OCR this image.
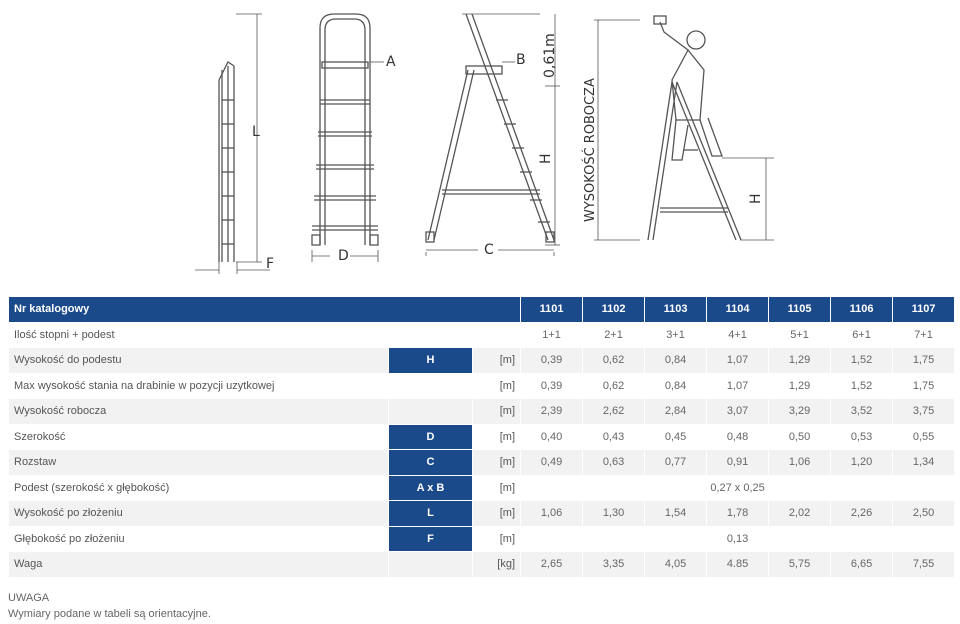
L
F
A
D
B
C
H
0,61m
WYSOKOŚĆ ROBOCZA	H
Nr katalogowy			1101	1102	1103	1104	1105	1106	1107
Ilość stopni + podest			1+1	2+1	3+1	4+1	5+1	6+1	7+1
Wysokość do podestu	H	[m]	0,39	0,62	0,84	1,07	1,29	1,52	1,75
Max wysokość stania na drabinie w pozycji uzytkowej		[m]	0,39	0,62	0,84	1,07	1,29	1,52	1,75
Wysokość robocza		[m]	2,39	2,62	2,84	3,07	3,29	3,52	3,75
Szerokość	D	[m]	0,40	0,43	0,45	0,48	0,50	0,53	0,55
Rozstaw	C	[m]	0,49	0,63	0,77	0,91	1,06	1,20	1,34
Podest (szerokość x głębokość)	A x B	[m]	0,27 x 0,25						
Wysokość po złożeniu	L	[m]	1,06	1,30	1,54	1,78	2,02	2,26	2,50
Głębokość po złożeniu	F	[m]	0,13						
Waga		[kg]	2,65	3,35	4,05	4.85	5,75	6,65	7,55
UWAGA
Wymiary podane w tabeli są orientacyjne.
